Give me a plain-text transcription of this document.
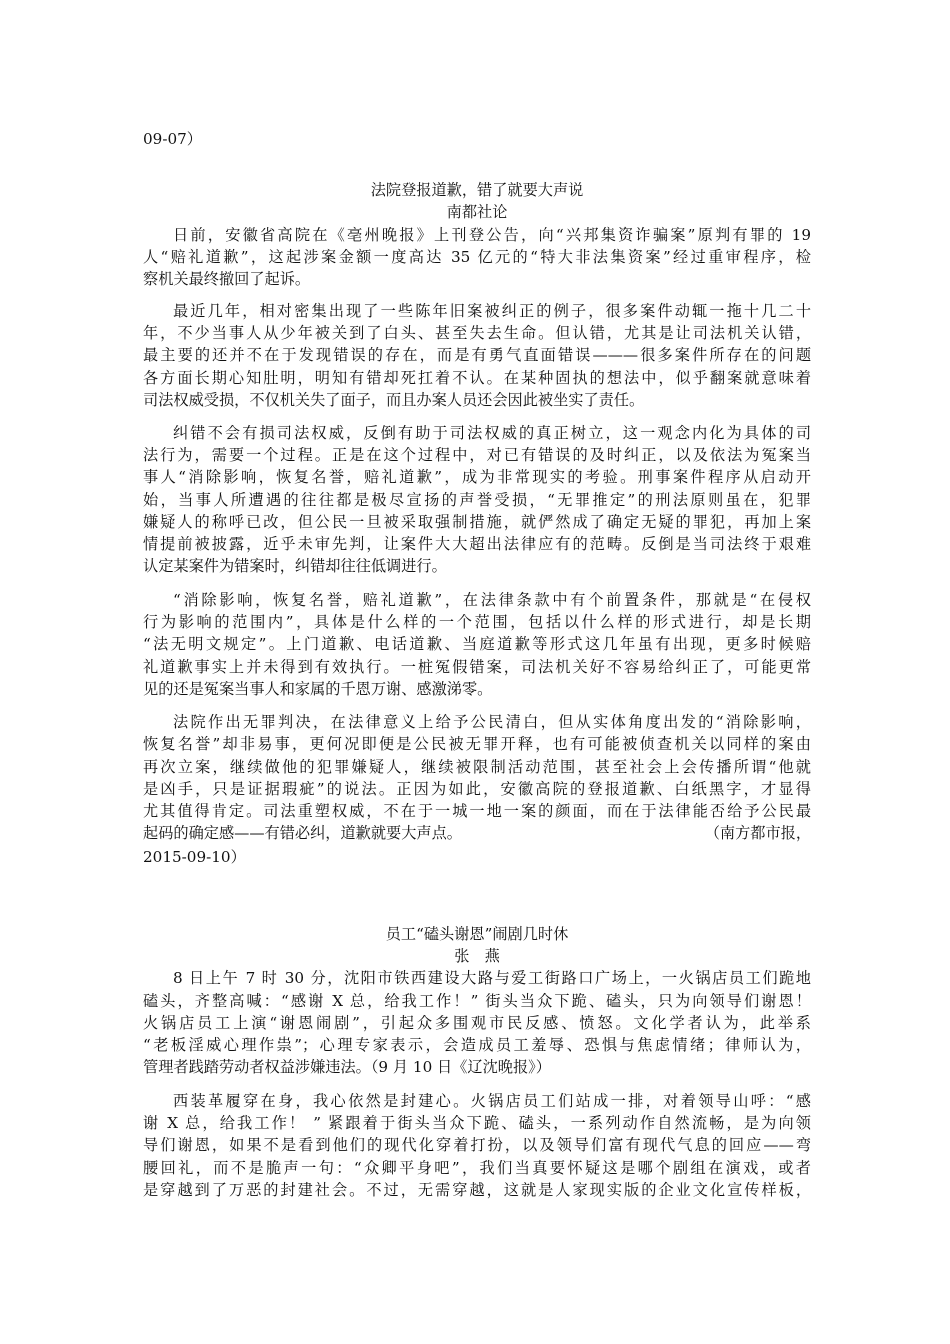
09-07）
法院登报道歉，错了就要大声说
南都社论
日前，安徽省高院在《亳州晚报》上刊登公告，向“兴邦集资诈骗案”原判有罪的 19
人“赔礼道歉”，这起涉案金额一度高达 35 亿元的“特大非法集资案”经过重审程序，检
察机关最终撤回了起诉。
最近几年，相对密集出现了一些陈年旧案被纠正的例子，很多案件动辄一拖十几二十
年，不少当事人从少年被关到了白头、甚至失去生命。但认错，尤其是让司法机关认错，
最主要的还并不在于发现错误的存在，而是有勇气直面错误———很多案件所存在的问题
各方面长期心知肚明，明知有错却死扛着不认。在某种固执的想法中，似乎翻案就意味着
司法权威受损，不仅机关失了面子，而且办案人员还会因此被坐实了责任。
纠错不会有损司法权威，反倒有助于司法权威的真正树立，这一观念内化为具体的司
法行为，需要一个过程。正是在这个过程中，对已有错误的及时纠正，以及依法为冤案当
事人“消除影响，恢复名誉，赔礼道歉”，成为非常现实的考验。刑事案件程序从启动开
始，当事人所遭遇的往往都是极尽宣扬的声誉受损，“无罪推定”的刑法原则虽在，犯罪
嫌疑人的称呼已改，但公民一旦被采取强制措施，就俨然成了确定无疑的罪犯，再加上案
情提前被披露，近乎未审先判，让案件大大超出法律应有的范畴。反倒是当司法终于艰难
认定某案件为错案时，纠错却往往低调进行。
“消除影响，恢复名誉，赔礼道歉”，在法律条款中有个前置条件，那就是“在侵权
行为影响的范围内”，具体是什么样的一个范围，包括以什么样的形式进行，却是长期
“法无明文规定”。上门道歉、电话道歉、当庭道歉等形式这几年虽有出现，更多时候赔
礼道歉事实上并未得到有效执行。一桩冤假错案，司法机关好不容易给纠正了，可能更常
见的还是冤案当事人和家属的千恩万谢、感激涕零。
法院作出无罪判决，在法律意义上给予公民清白，但从实体角度出发的“消除影响，
恢复名誉”却非易事，更何况即便是公民被无罪开释，也有可能被侦查机关以同样的案由
再次立案，继续做他的犯罪嫌疑人，继续被限制活动范围，甚至社会上会传播所谓“他就
是凶手，只是证据瑕疵”的说法。正因为如此，安徽高院的登报道歉、白纸黑字，才显得
尤其值得肯定。司法重塑权威，不在于一城一地一案的颜面，而在于法律能否给予公民最
起码的确定感——有错必纠，道歉就要大声点。	（南方都市报，
2015-09-10）
员工“磕头谢恩”闹剧几时休
张　燕
8 日上午 7 时 30 分，沈阳市铁西建设大路与爱工街路口广场上，一火锅店员工们跪地
磕头，齐整高喊：“感谢 X 总，给我工作！” 街头当众下跪、磕头，只为向领导们谢恩！
火锅店员工上演“谢恩闹剧”，引起众多围观市民反感、愤怒。文化学者认为，此举系
“老板淫威心理作祟”；心理专家表示，会造成员工羞辱、恐惧与焦虑情绪；律师认为，
管理者践踏劳动者权益涉嫌违法。（9 月 10 日《辽沈晚报》）
西装革履穿在身，我心依然是封建心。火锅店员工们站成一排，对着领导山呼：“感
谢 X 总，给我工作！ ” 紧跟着于街头当众下跪、磕头，一系列动作自然流畅，是为向领
导们谢恩，如果不是看到他们的现代化穿着打扮，以及领导们富有现代气息的回应——弯
腰回礼，而不是脆声一句：“众卿平身吧”，我们当真要怀疑这是哪个剧组在演戏，或者
是穿越到了万恶的封建社会。不过，无需穿越，这就是人家现实版的企业文化宣传样板，
